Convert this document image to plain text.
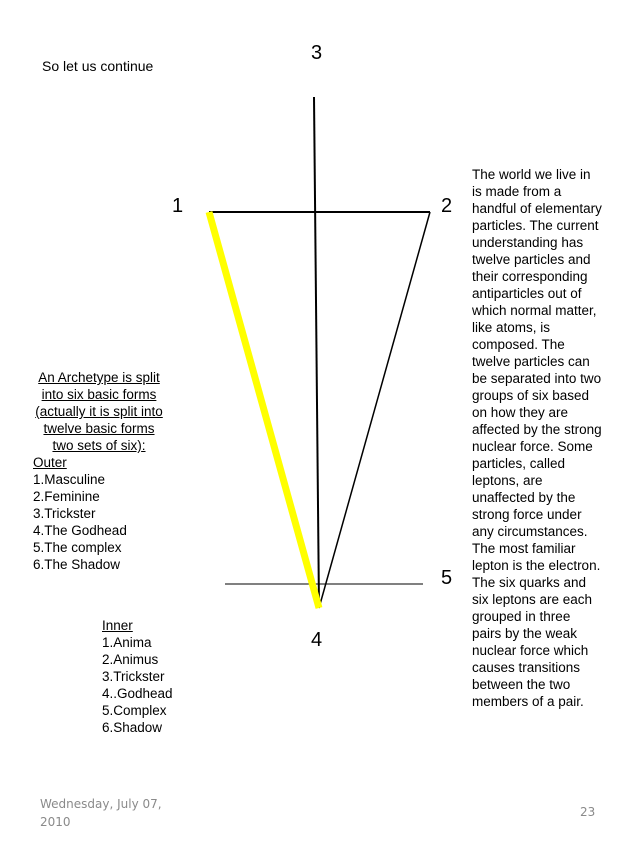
So let us continue
3
1	2
5
4
An Archetype is split into six basic forms (actually it is split into twelve basic forms two sets of six):
Outer
1.Masculine
2.Feminine
3.Trickster
4.The Godhead
5.The complex
6.The Shadow
Inner
1.Anima
2.Animus
3.Trickster
4..Godhead
5.Complex
6.Shadow
The world we live in is made from a handful of elementary particles. The current understanding has twelve particles and their corresponding antiparticles out of which normal matter, like atoms, is composed. The twelve particles can be separated into two groups of six based on how they are affected by the strong nuclear force. Some particles, called leptons, are unaffected by the strong force under any circumstances. The most familiar lepton is the electron. The six quarks and six leptons are each grouped in three pairs by the weak nuclear force which causes transitions between the two members of a pair.
Wednesday, July 07, 2010
23
